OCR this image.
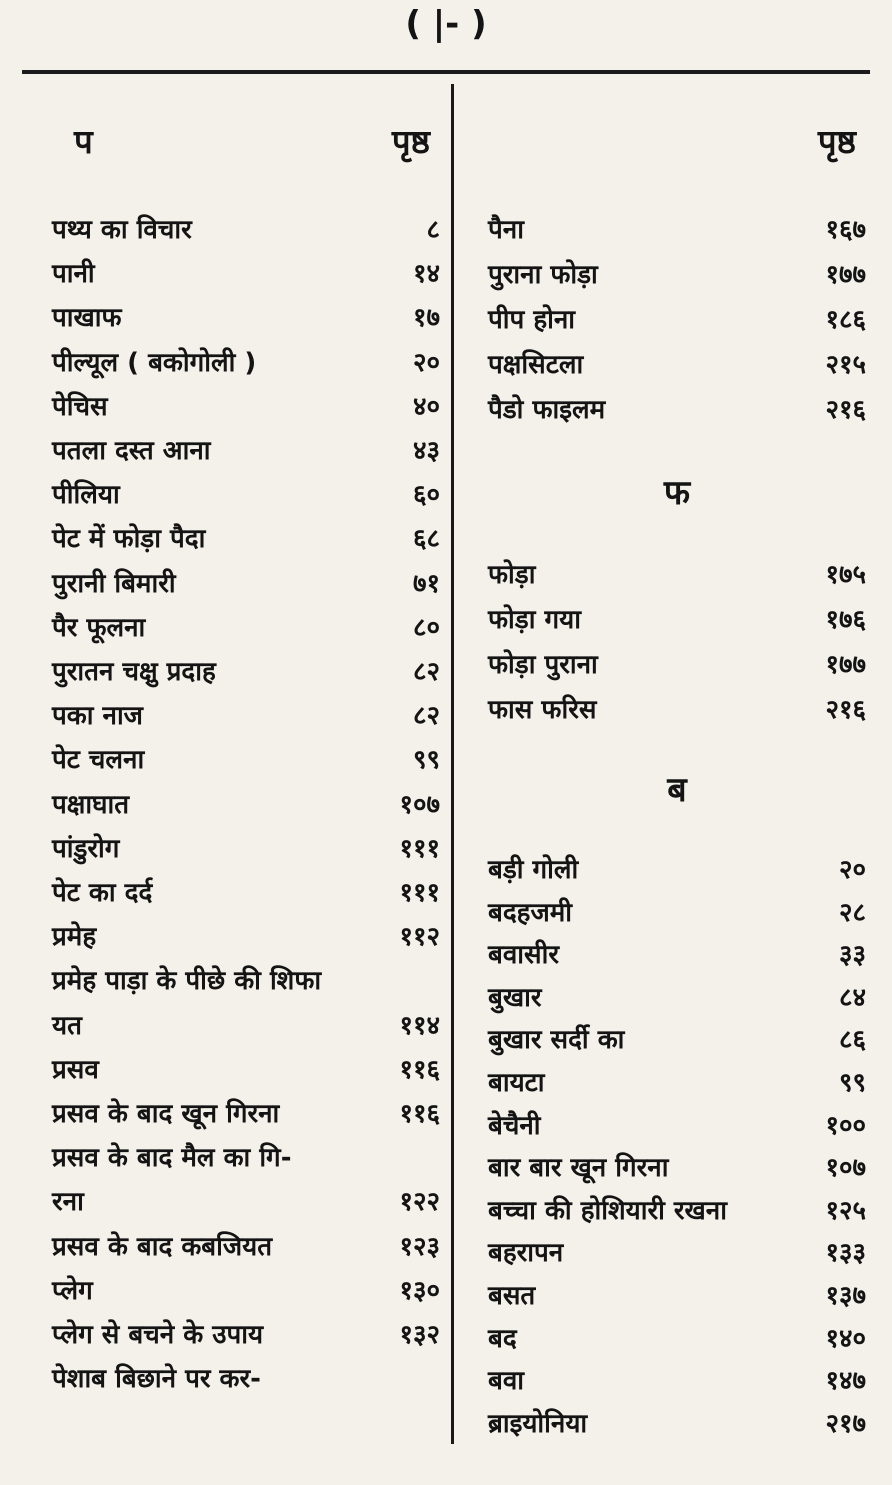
( |- )
प	पृष्ठ
पथ्य का विचार	८
पानी	१४
पाखाफ	१७
पील्यूल ( बकोगोली )	२०
पेचिस	४०
पतला दस्त आना	४३
पीलिया	६०
पेट में फोड़ा पैदा	६८
पुरानी बिमारी	७१
पैर फूलना	८०
पुरातन चक्षु प्रदाह	८२
पका नाज	८२
पेट चलना	९९
पक्षाघात	१०७
पांडुरोग	१११
पेट का दर्द	१११
प्रमेह	११२
प्रमेह पाड़ा के पीछे की शिफा
यत	११४
प्रसव	११६
प्रसव के बाद खून गिरना	११६
प्रसव के बाद मैल का गि-
रना	१२२
प्रसव के बाद कबजियत	१२३
प्लेग	१३०
प्लेग से बचने के उपाय	१३२
पेशाब बिछाने पर कर-
पृष्ठ
पैना	१६७
पुराना फोड़ा	१७७
पीप होना	१८६
पक्षसिटला	२१५
पैडो फाइलम	२१६
फ
फोड़ा	१७५
फोड़ा गया	१७६
फोड़ा पुराना	१७७
फास फरिस	२१६
ब
बड़ी गोली	२०
बदहजमी	२८
बवासीर	३३
बुखार	८४
बुखार सर्दी का	८६
बायटा	९९
बेचैनी	१००
बार बार खून गिरना	१०७
बच्चा की होशियारी रखना	१२५
बहरापन	१३३
बसत	१३७
बद	१४०
बवा	१४७
ब्राइयोनिया	२१७
